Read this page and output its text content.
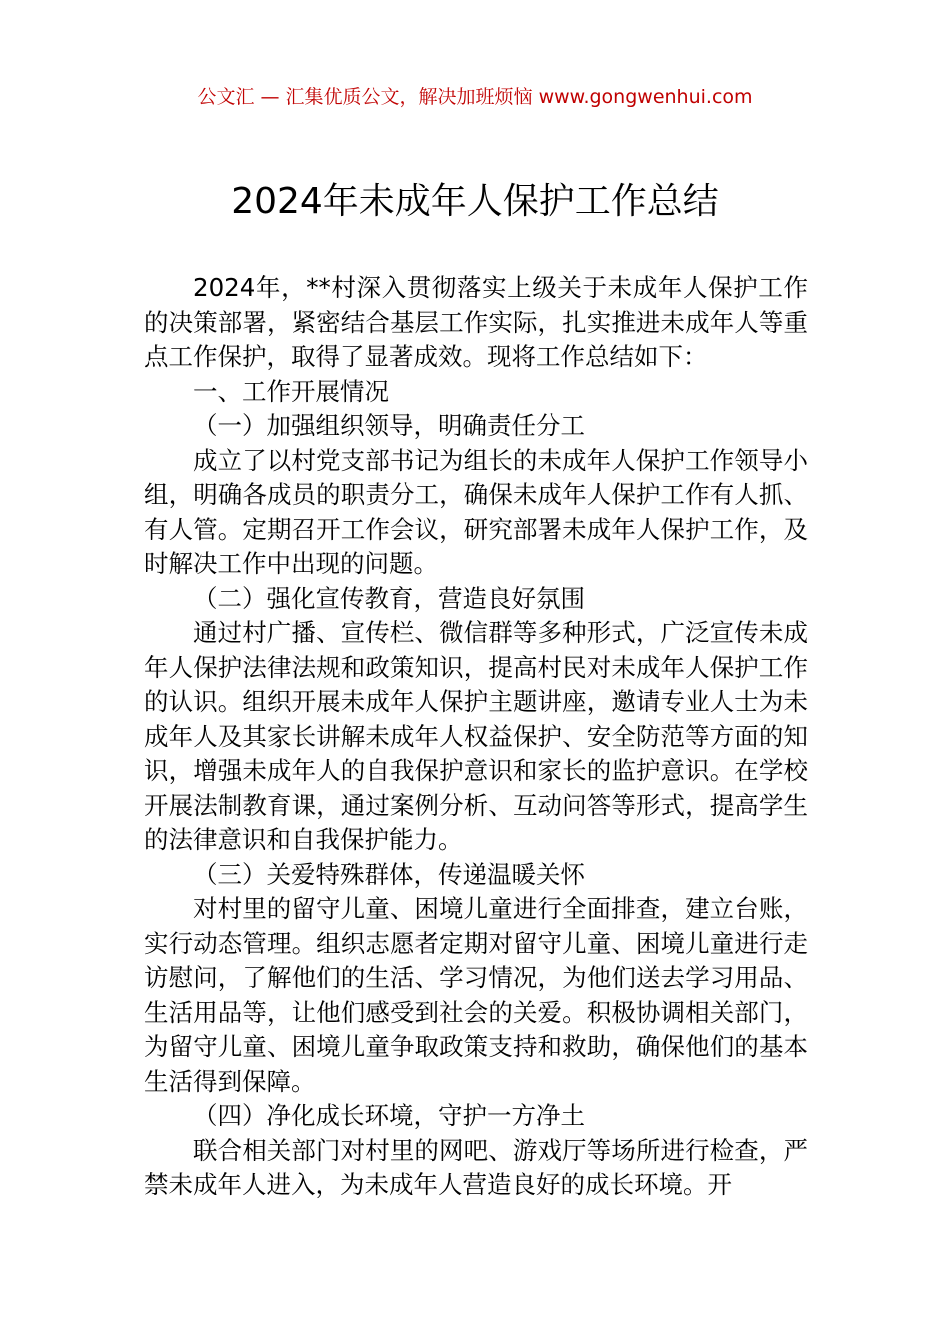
公文汇 — 汇集优质公文，解决加班烦恼 www.gongwenhui.com
2024年未成年人保护工作总结

2024年，**村深入贯彻落实上级关于未成年人保护工作的决策部署，紧密结合基层工作实际，扎实推进未成年人等重点工作保护，取得了显著成效。现将工作总结如下：

一、工作开展情况

（一）加强组织领导，明确责任分工

成立了以村党支部书记为组长的未成年人保护工作领导小组，明确各成员的职责分工，确保未成年人保护工作有人抓、有人管。定期召开工作会议，研究部署未成年人保护工作，及时解决工作中出现的问题。

（二）强化宣传教育，营造良好氛围

通过村广播、宣传栏、微信群等多种形式，广泛宣传未成年人保护法律法规和政策知识，提高村民对未成年人保护工作的认识。组织开展未成年人保护主题讲座，邀请专业人士为未成年人及其家长讲解未成年人权益保护、安全防范等方面的知识，增强未成年人的自我保护意识和家长的监护意识。在学校开展法制教育课，通过案例分析、互动问答等形式，提高学生的法律意识和自我保护能力。

（三）关爱特殊群体，传递温暖关怀

对村里的留守儿童、困境儿童进行全面排查，建立台账，实行动态管理。组织志愿者定期对留守儿童、困境儿童进行走访慰问，了解他们的生活、学习情况，为他们送去学习用品、生活用品等，让他们感受到社会的关爱。积极协调相关部门，为留守儿童、困境儿童争取政策支持和救助，确保他们的基本生活得到保障。

（四）净化成长环境，守护一方净土

联合相关部门对村里的网吧、游戏厅等场所进行检查，严禁未成年人进入，为未成年人营造良好的成长环境。开
